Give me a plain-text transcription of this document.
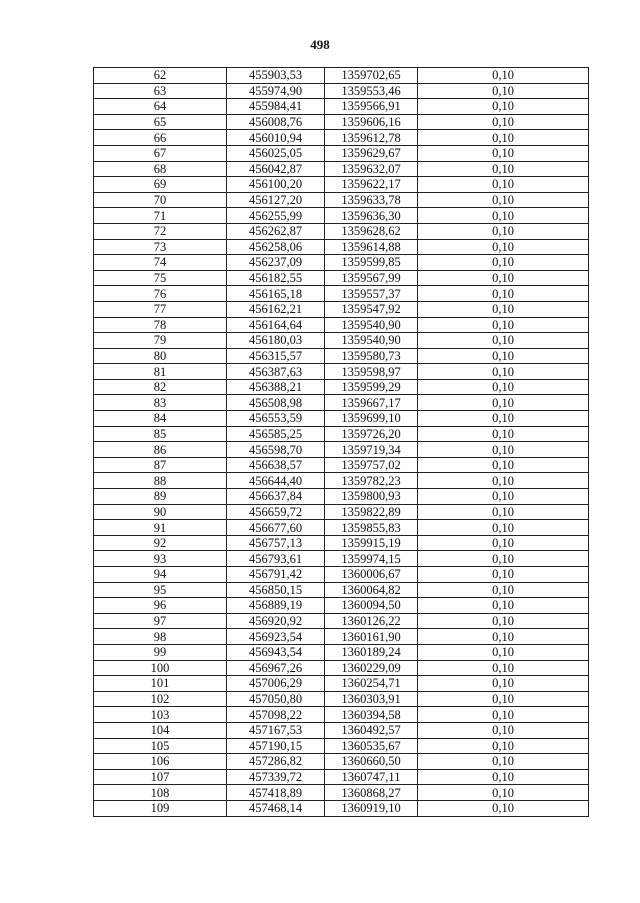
498
62	455903,53	1359702,65	0,10
63	455974,90	1359553,46	0,10
64	455984,41	1359566,91	0,10
65	456008,76	1359606,16	0,10
66	456010,94	1359612,78	0,10
67	456025,05	1359629,67	0,10
68	456042,87	1359632,07	0,10
69	456100,20	1359622,17	0,10
70	456127,20	1359633,78	0,10
71	456255,99	1359636,30	0,10
72	456262,87	1359628,62	0,10
73	456258,06	1359614,88	0,10
74	456237,09	1359599,85	0,10
75	456182,55	1359567,99	0,10
76	456165,18	1359557,37	0,10
77	456162,21	1359547,92	0,10
78	456164,64	1359540,90	0,10
79	456180,03	1359540,90	0,10
80	456315,57	1359580,73	0,10
81	456387,63	1359598,97	0,10
82	456388,21	1359599,29	0,10
83	456508,98	1359667,17	0,10
84	456553,59	1359699,10	0,10
85	456585,25	1359726,20	0,10
86	456598,70	1359719,34	0,10
87	456638,57	1359757,02	0,10
88	456644,40	1359782,23	0,10
89	456637,84	1359800,93	0,10
90	456659,72	1359822,89	0,10
91	456677,60	1359855,83	0,10
92	456757,13	1359915,19	0,10
93	456793,61	1359974,15	0,10
94	456791,42	1360006,67	0,10
95	456850,15	1360064,82	0,10
96	456889,19	1360094,50	0,10
97	456920,92	1360126,22	0,10
98	456923,54	1360161,90	0,10
99	456943,54	1360189,24	0,10
100	456967,26	1360229,09	0,10
101	457006,29	1360254,71	0,10
102	457050,80	1360303,91	0,10
103	457098,22	1360394,58	0,10
104	457167,53	1360492,57	0,10
105	457190,15	1360535,67	0,10
106	457286,82	1360660,50	0,10
107	457339,72	1360747,11	0,10
108	457418,89	1360868,27	0,10
109	457468,14	1360919,10	0,10
